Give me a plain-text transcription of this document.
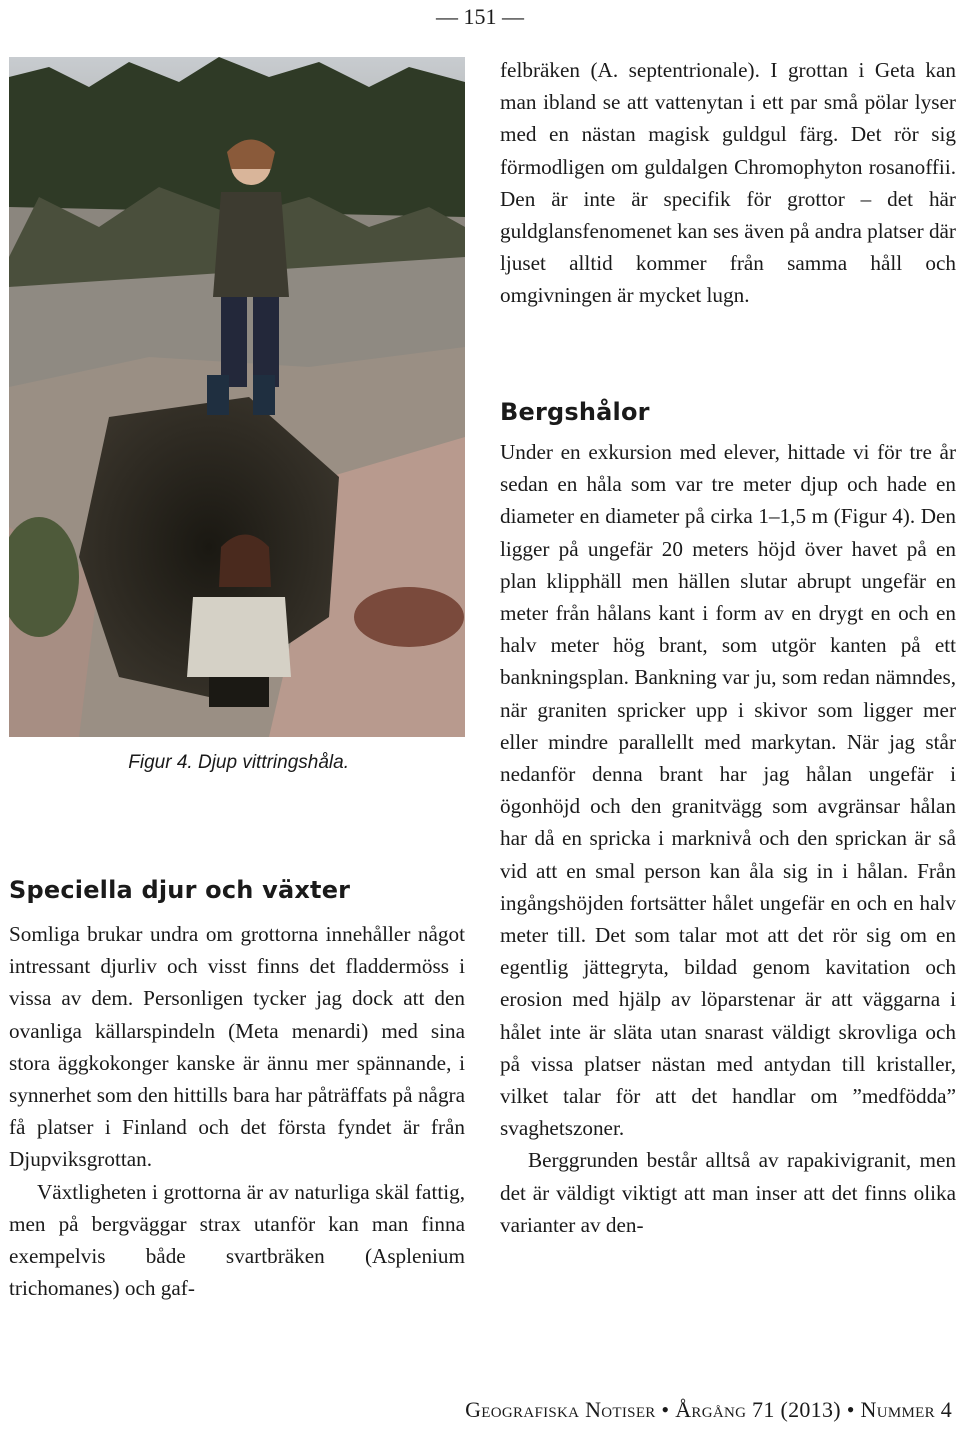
— 151 —
Figur 4. Djup vittringshåla.
Speciella djur och växter

Somliga brukar undra om grottorna innehåller något intressant djurliv och visst finns det fladdermöss i vissa av dem. Personligen tycker jag dock att den ovanliga källarspindeln (Meta menardi) med sina stora äggkokonger kanske är ännu mer spännande, i synnerhet som den hittills bara har påträffats på några få platser i Finland och det första fyndet är från Djupviksgrottan.

Växtligheten i grottorna är av naturliga skäl fattig, men på bergväggar strax utanför kan man finna exempelvis både svartbräken (Asplenium trichomanes) och gaf-

felbräken (A. septentrionale). I grottan i Geta kan man ibland se att vattenytan i ett par små pölar lyser med en nästan magisk guldgul färg. Det rör sig förmodligen om guldalgen Chromophyton rosanoffii. Den är inte är specifik för grottor – det här guldglansfenomenet kan ses även på andra platser där ljuset alltid kommer från samma håll och omgivningen är mycket lugn.

Bergshålor

Under en exkursion med elever, hittade vi för tre år sedan en håla som var tre meter djup och hade en diameter en diameter på cirka 1–1,5 m (Figur 4). Den ligger på ungefär 20 meters höjd över havet på en plan klipphäll men hällen slutar abrupt ungefär en meter från hålans kant i form av en drygt en och en halv meter hög brant, som utgör kanten på ett bankningsplan. Bankning var ju, som redan nämndes, när graniten spricker upp i skivor som ligger mer eller mindre parallellt med markytan. När jag står nedanför denna brant har jag hålan ungefär i ögonhöjd och den granitvägg som avgränsar hålan har då en spricka i marknivå och den sprickan är så vid att en smal person kan åla sig in i hålan. Från ingångshöjden fortsätter hålet ungefär en och en halv meter till. Det som talar mot att det rör sig om en egentlig jättegryta, bildad genom kavitation och erosion med hjälp av löparstenar är att väggarna i hålet inte är släta utan snarast väldigt skrovliga och på vissa platser nästan med antydan till kristaller, vilket talar för att det handlar om ”medfödda” svaghetszoner.

Berggrunden består alltså av rapakivigranit, men det är väldigt viktigt att man inser att det finns olika varianter av den-

Geografiska Notiser • Årgång 71 (2013) • Nummer 4
